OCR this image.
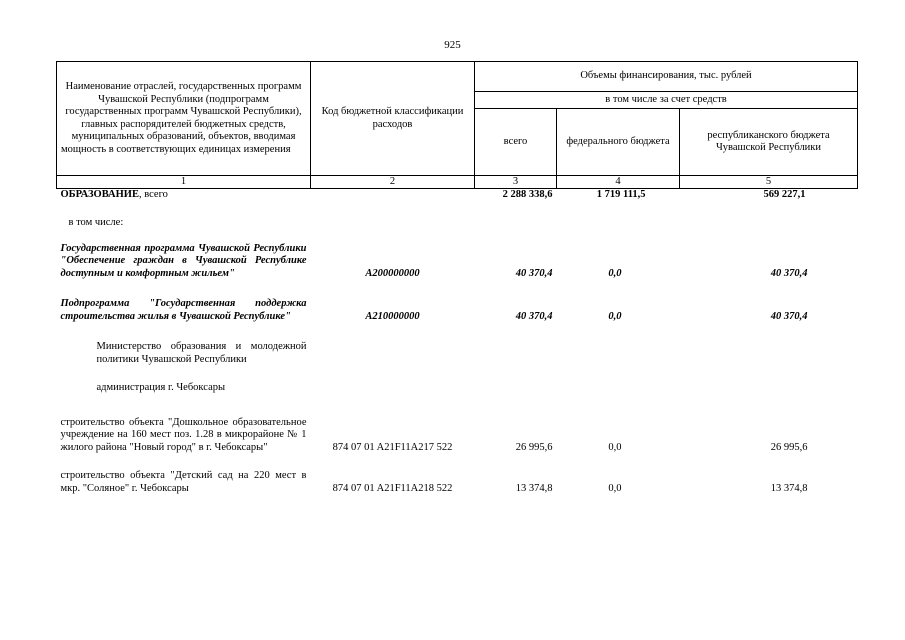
925
Наименование отраслей, государственных программ Чувашской Республики (подпрограмм государственных программ Чувашской Республики), главных распорядителей бюджетных средств, муниципальных образований, объектов, вводимая мощность в соответствующих единицах измерения	Код бюджетной классификации расходов	Объемы финансирования, тыс. рублей		
		в том числе за счет средств		
		всего	федерального бюджета	республиканского бюджета Чувашской Республики
1	2	3	4	5
ОБРАЗОВАНИЕ, всего		2 288 338,6	1 719 111,5	569 227,1
в том числе:				
Государственная программа Чувашской Республики "Обеспечение граждан в Чувашской Республике доступным и комфортным жильем"	А200000000	40 370,4	0,0	40 370,4
Подпрограмма "Государственная поддержка строительства жилья в Чувашской Республике"	А210000000	40 370,4	0,0	40 370,4
Министерство образования и молодежной политики Чувашской Республики				
администрация г. Чебоксары				
строительство объекта "Дошкольное образовательное учреждение на 160 мест поз. 1.28 в микрорайоне № 1 жилого района "Новый город" в г. Чебоксары"	874 07 01 A21F11A217 522	26 995,6	0,0	26 995,6
строительство объекта "Детский сад на 220 мест в мкр. "Соляное" г. Чебоксары	874 07 01 A21F11A218 522	13 374,8	0,0	13 374,8
